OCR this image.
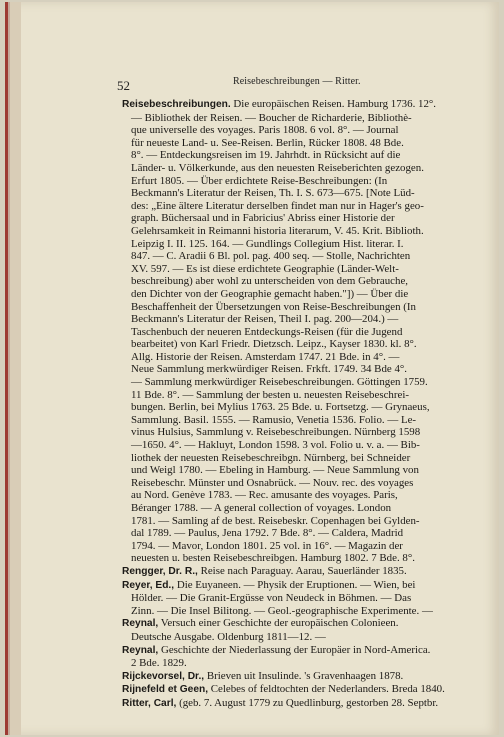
52	Reisebeschreibungen — Ritter.
Reisebeschreibungen. Die europäischen Reisen. Hamburg 1736. 12°.
— Bibliothek der Reisen. — Boucher de Richarderie, Bibliothè-
que universelle des voyages. Paris 1808. 6 vol. 8°. — Journal
für neueste Land- u. See-Reisen. Berlin, Rücker 1808. 48 Bde.
8°. — Entdeckungsreisen im 19. Jahrhdt. in Rücksicht auf die
Länder- u. Völkerkunde, aus den neuesten Reiseberichten gezogen.
Erfurt 1805. — Über erdichtete Reise-Beschreibungen: (In
Beckmann's Literatur der Reisen, Th. I. S. 673—675. [Note Lüd-
des: „Eine ältere Literatur derselben findet man nur in Hager's geo-
graph. Büchersaal und in Fabricius' Abriss einer Historie der
Gelehrsamkeit in Reimanni historia literarum, V. 45. Krit. Biblioth.
Leipzig I. II. 125. 164. — Gundlings Collegium Hist. literar. I.
847. — C. Aradii 6 Bl. pol. pag. 400 seq. — Stolle, Nachrichten
XV. 597. — Es ist diese erdichtete Geographie (Länder-Welt-
beschreibung) aber wohl zu unterscheiden von dem Gebrauche,
den Dichter von der Geographie gemacht haben."]) — Über die
Beschaffenheit der Übersetzungen von Reise-Beschreibungen (In
Beckmann's Literatur der Reisen, Theil I. pag. 200—204.) —
Taschenbuch der neueren Entdeckungs-Reisen (für die Jugend
bearbeitet) von Karl Friedr. Dietzsch. Leipz., Kayser 1830. kl. 8°.
Allg. Historie der Reisen. Amsterdam 1747. 21 Bde. in 4°. —
Neue Sammlung merkwürdiger Reisen. Frkft. 1749. 34 Bde 4°.
— Sammlung merkwürdiger Reisebeschreibungen. Göttingen 1759.
11 Bde. 8°. — Sammlung der besten u. neuesten Reisebeschrei-
bungen. Berlin, bei Mylius 1763. 25 Bde. u. Fortsetzg. — Grynaeus,
Sammlung. Basil. 1555. — Ramusio, Venetia 1536. Folio. — Le-
vinus Hulsius, Sammlung v. Reisebeschreibungen. Nürnberg 1598
—1650. 4°. — Hakluyt, London 1598. 3 vol. Folio u. v. a. — Bib-
liothek der neuesten Reisebeschreibgn. Nürnberg, bei Schneider
und Weigl 1780. — Ebeling in Hamburg. — Neue Sammlung von
Reisebeschr. Münster und Osnabrück. — Nouv. rec. des voyages
au Nord. Genève 1783. — Rec. amusante des voyages. Paris,
Béranger 1788. — A general collection of voyages. London
1781. — Samling af de best. Reisebeskr. Copenhagen bei Gylden-
dal 1789. — Paulus, Jena 1792. 7 Bde. 8°. — Caldera, Madrid
1794. — Mavor, London 1801. 25 vol. in 16°. — Magazin der
neuesten u. besten Reisebeschreibgen. Hamburg 1802. 7 Bde. 8°.
Rengger, Dr. R., Reise nach Paraguay. Aarau, Sauerländer 1835.
Reyer, Ed., Die Euyaneen. — Physik der Eruptionen. — Wien, bei
Hölder. — Die Granit-Ergüsse von Neudeck in Böhmen. — Das
Zinn. — Die Insel Bilitong. — Geol.-geographische Experimente. —
Reynal, Versuch einer Geschichte der europäischen Colonieen.
Deutsche Ausgabe. Oldenburg 1811—12. —
Reynal, Geschichte der Niederlassung der Europäer in Nord-America.
2 Bde. 1829.
Rijckevorsel, Dr., Brieven uit Insulinde. 's Gravenhaagen 1878.
Rijnefeld et Geen, Celebes of feldtochten der Nederlanders. Breda 1840.
Ritter, Carl, (geb. 7. August 1779 zu Quedlinburg, gestorben 28. Septbr.
